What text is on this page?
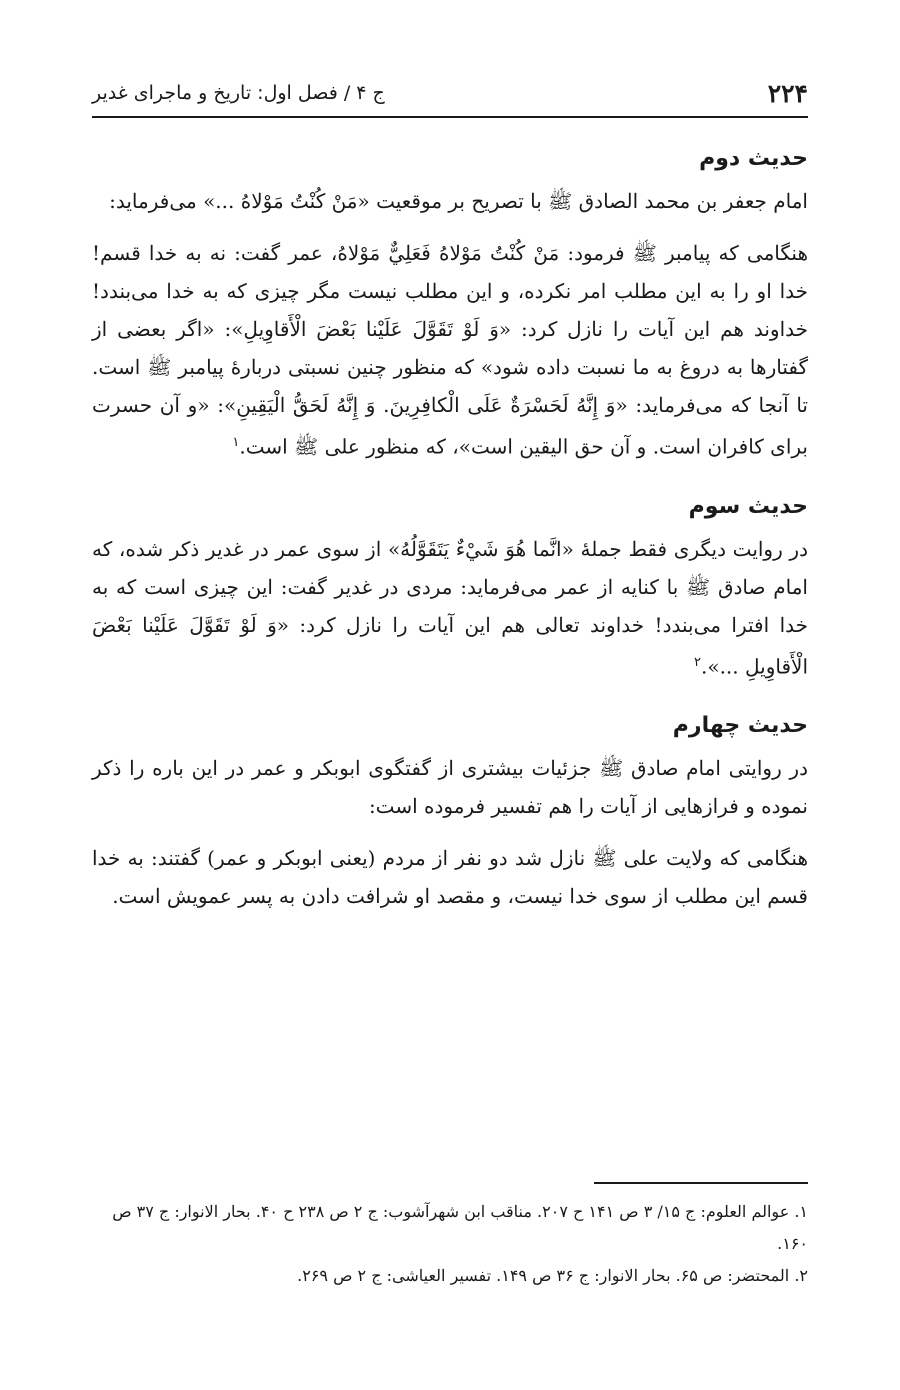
۲۲۴
ج ۴ / فصل اول: تاریخ و ماجرای غدیر
حدیث دوم

امام جعفر بن محمد الصادق ﷺ با تصریح بر موقعیت «مَنْ كُنْتُ مَوْلاهُ ...» می‌فرماید:

هنگامی که پیامبر ﷺ فرمود: مَنْ كُنْتُ مَوْلاهُ فَعَلِيٌّ مَوْلاهُ، عمر گفت: نه به خدا قسم! خدا او را به این مطلب امر نکرده، و این مطلب نیست مگر چیزی که به خدا می‌بندد! خداوند هم این آیات را نازل کرد: «وَ لَوْ تَقَوَّلَ عَلَيْنا بَعْضَ الْأَقاوِيلِ»: «اگر بعضی از گفتارها به دروغ به ما نسبت داده شود» که منظور چنین نسبتی دربارهٔ پیامبر ﷺ است. تا آنجا که می‌فرماید: «وَ إِنَّهُ لَحَسْرَةٌ عَلَى الْكافِرِينَ. وَ إِنَّهُ لَحَقُّ الْيَقِينِ»: «و آن حسرت برای کافران است. و آن حق الیقین است»، که منظور علی ﷺ است.$^۱$

حدیث سوم

در روایت دیگری فقط جملهٔ «انَّما هُوَ شَيْءٌ يَتَقَوَّلُهُ» از سوی عمر در غدیر ذکر شده، که امام صادق ﷺ با کنایه از عمر می‌فرماید: مردی در غدیر گفت: این چیزی است که به خدا افترا می‌بندد! خداوند تعالی هم این آیات را نازل کرد: «وَ لَوْ تَقَوَّلَ عَلَيْنا بَعْضَ الْأَقاوِيلِ ...».$^۲$

حدیث چهارم

در روایتی امام صادق ﷺ جزئیات بیشتری از گفتگوی ابوبکر و عمر در این باره را ذکر نموده و فرازهایی از آیات را هم تفسیر فرموده است:

هنگامی که ولایت علی ﷺ نازل شد دو نفر از مردم (یعنی ابوبکر و عمر) گفتند: به خدا قسم این مطلب از سوی خدا نیست، و مقصد او شرافت دادن به پسر عمویش است.

۱. عوالم العلوم: ج ۱۵/ ۳ ص ۱۴۱ ح ۲۰۷. مناقب ابن شهرآشوب: ج ۲ ص ۲۳۸ ح ۴۰. بحار الانوار: ج ۳۷ ص ۱۶۰.
۲. المحتضر: ص ۶۵. بحار الانوار: ج ۳۶ ص ۱۴۹. تفسیر العیاشی: ج ۲ ص ۲۶۹.
